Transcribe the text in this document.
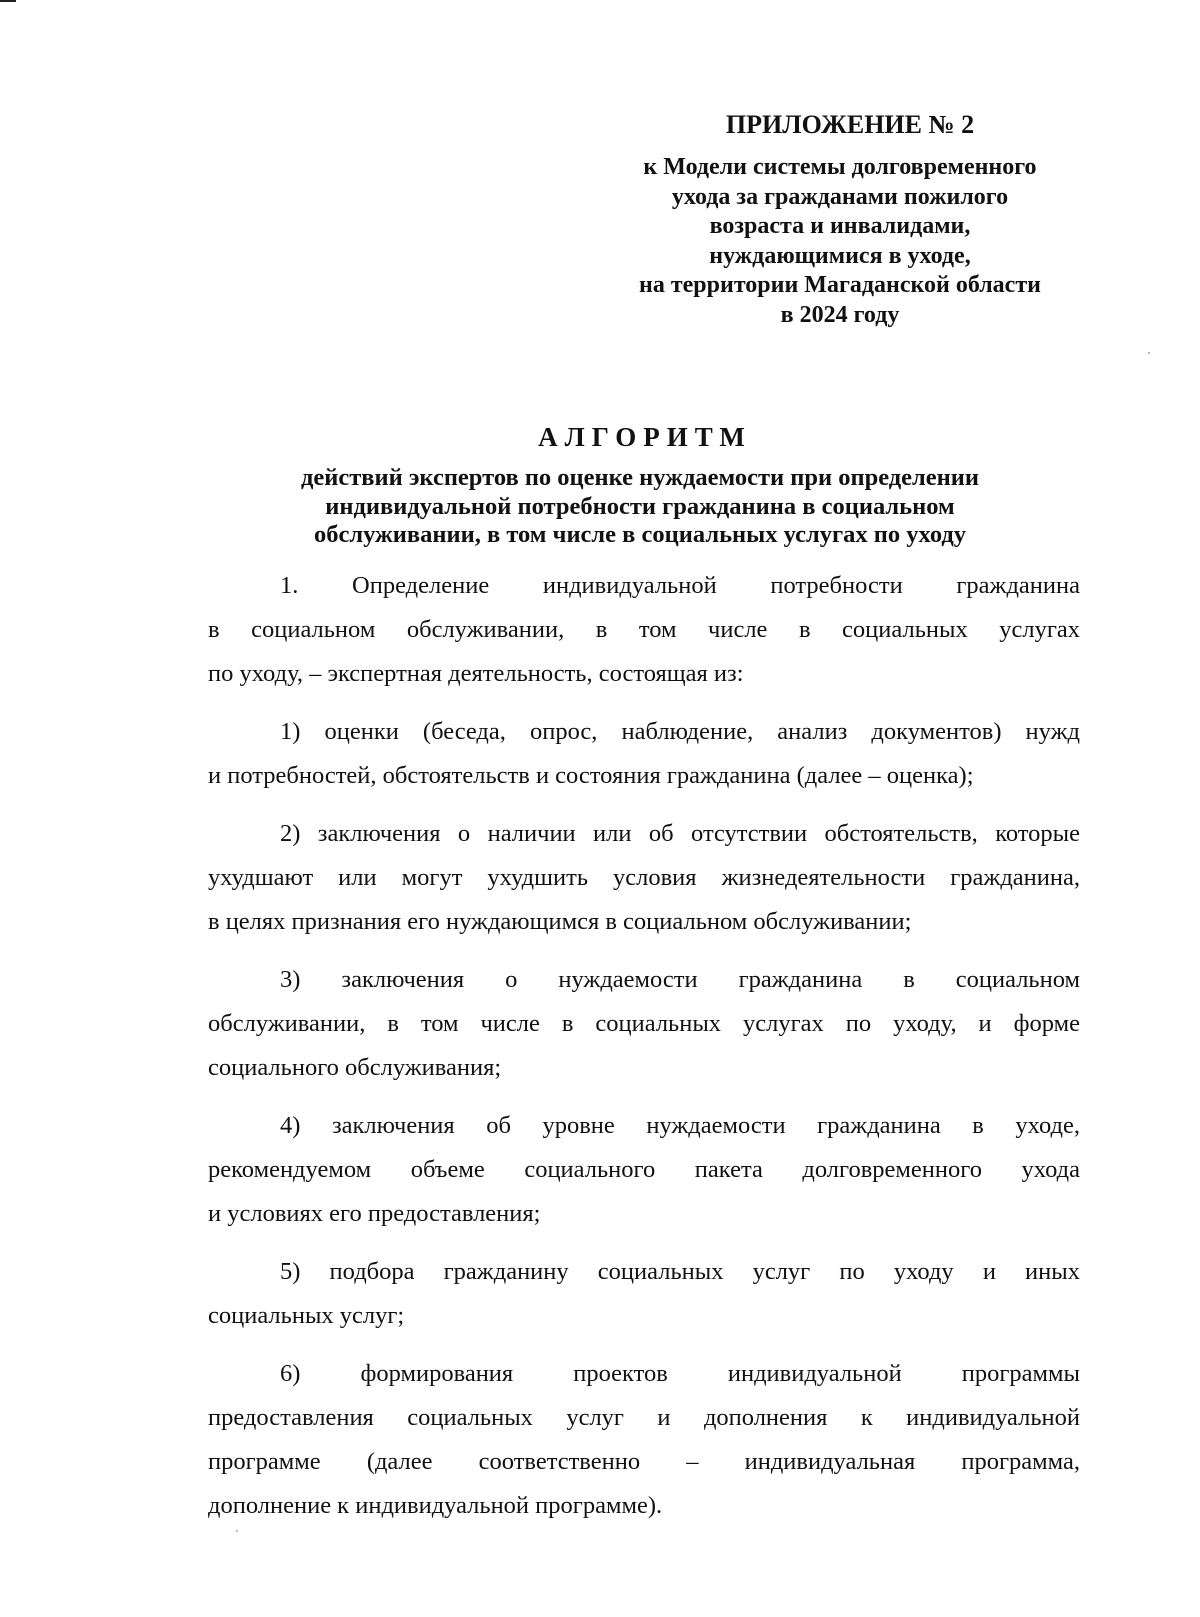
ПРИЛОЖЕНИЕ № 2
к Модели системы долговременного
ухода за гражданами пожилого
возраста и инвалидами,
нуждающимися в уходе,
на территории Магаданской области
в 2024 году
АЛГОРИТМ
действий экспертов по оценке нуждаемости при определении
индивидуальной потребности гражданина в социальном
обслуживании, в том числе в социальных услугах по уходу
1. Определение индивидуальной потребности гражданина
в социальном обслуживании, в том числе в социальных услугах
по уходу, – экспертная деятельность, состоящая из:
1) оценки (беседа, опрос, наблюдение, анализ документов) нужд
и потребностей, обстоятельств и состояния гражданина (далее – оценка);
2) заключения о наличии или об отсутствии обстоятельств, которые
ухудшают или могут ухудшить условия жизнедеятельности гражданина,
в целях признания его нуждающимся в социальном обслуживании;
3) заключения о нуждаемости гражданина в социальном
обслуживании, в том числе в социальных услугах по уходу, и форме
социального обслуживания;
4) заключения об уровне нуждаемости гражданина в уходе,
рекомендуемом объеме социального пакета долговременного ухода
и условиях его предоставления;
5) подбора гражданину социальных услуг по уходу и иных
социальных услуг;
6) формирования проектов индивидуальной программы
предоставления социальных услуг и дополнения к индивидуальной
программе (далее соответственно – индивидуальная программа,
дополнение к индивидуальной программе).
